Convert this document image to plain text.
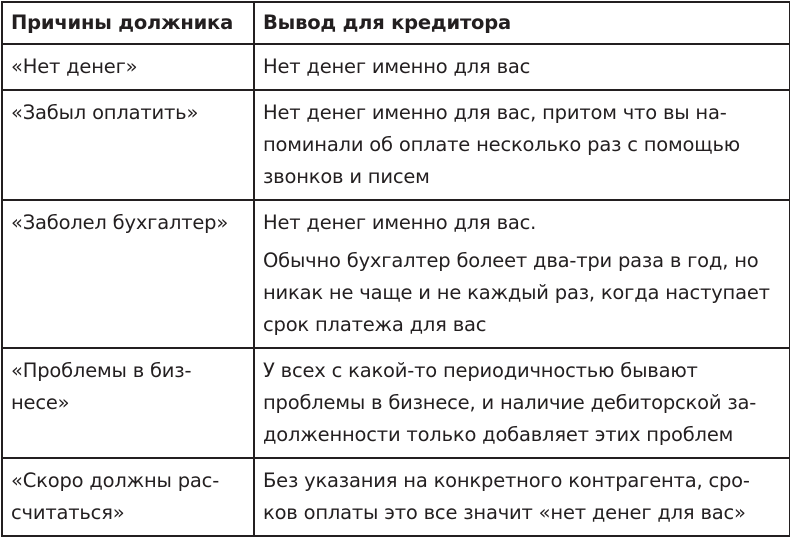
Причины должника	Вывод для кредитора

«Нет денег»	Нет денег именно для вас

«Забыл оплатить»	Нет денег именно для вас, притом что вы на-
поминали об оплате несколько раз с помощью
звонков и писем

«Заболел бухгалтер»	Нет денег именно для вас.
Обычно бухгалтер болеет два-три раза в год, но
никак не чаще и не каждый раз, когда наступает
срок платежа для вас

«Проблемы в биз-
несе»	У всех с какой-то периодичностью бывают
проблемы в бизнесе, и наличие дебиторской за-
долженности только добавляет этих проблем

«Скоро должны рас-
считаться»	Без указания на конкретного контрагента, сро-
ков оплаты это все значит «нет денег для вас»
